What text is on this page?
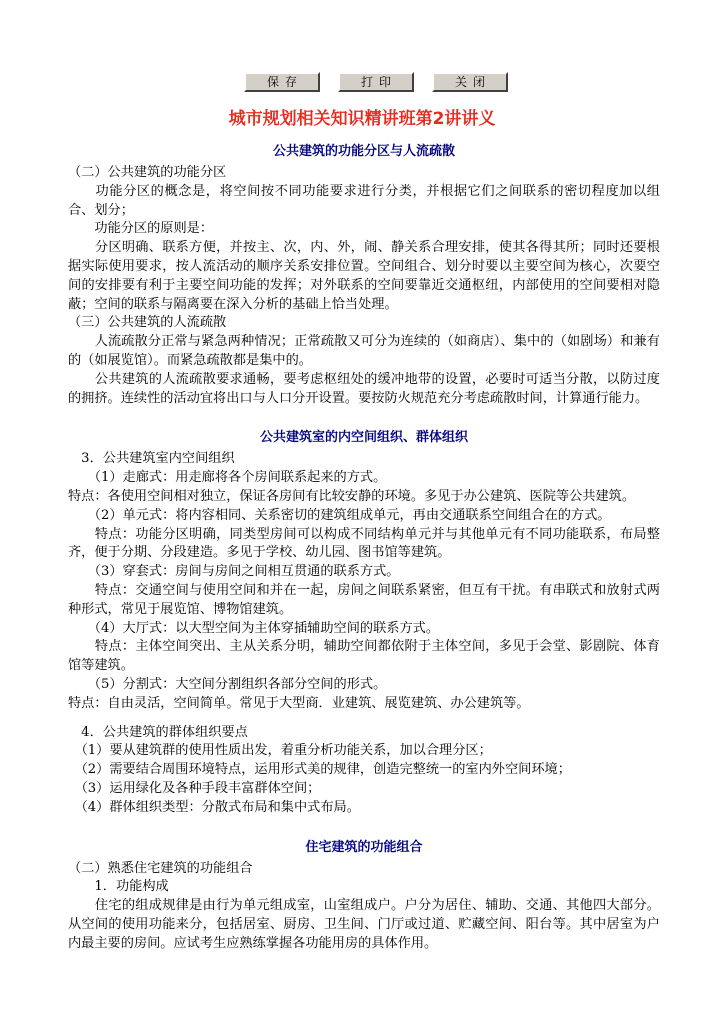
保存	打印	关闭
城市规划相关知识精讲班第2讲讲义
公共建筑的功能分区与人流疏散

（二）公共建筑的功能分区

　　功能分区的概念是，将空间按不同功能要求进行分类，并根据它们之间联系的密切程度加以组合、划分；

　　功能分区的原则是：

　　分区明确、联系方便，并按主、次，内、外，闹、静关系合理安排，使其各得其所；同时还要根据实际使用要求，按人流活动的顺序关系安排位置。空间组合、划分时要以主要空间为核心，次要空间的安排要有利于主要空间功能的发挥；对外联系的空间要靠近交通枢纽，内部使用的空间要相对隐蔽；空间的联系与隔离要在深入分析的基础上恰当处理。

（三）公共建筑的人流疏散

　　人流疏散分正常与紧急两种情况；正常疏散又可分为连续的（如商店）、集中的（如剧场）和兼有的（如展览馆）。而紧急疏散都是集中的。

　　公共建筑的人流疏散要求通畅，要考虑枢纽处的缓冲地带的设置，必要时可适当分散，以防过度的拥挤。连续性的活动宜将出口与人口分开设置。要按防火规范充分考虑疏散时间，计算通行能力。

公共建筑室的内空间组织、群体组织

　3．公共建筑室内空间组织

　　（1）走廊式：用走廊将各个房间联系起来的方式。

特点：各使用空间相对独立，保证各房间有比较安静的环境。多见于办公建筑、医院等公共建筑。

　　（2）单元式：将内容相同、关系密切的建筑组成单元，再由交通联系空间组合在的方式。

　　特点：功能分区明确，同类型房间可以构成不同结构单元并与其他单元有不同功能联系，布局整齐，便于分期、分段建造。多见于学校、幼儿园、图书馆等建筑。

　　（3）穿套式：房间与房间之间相互贯通的联系方式。

　　特点：交通空间与使用空间和并在一起，房间之间联系紧密，但互有干扰。有串联式和放射式两种形式，常见于展览馆、博物馆建筑。

　　（4）大厅式：以大型空间为主体穿插辅助空间的联系方式。

　　特点：主体空间突出、主从关系分明，辅助空间都依附于主体空间，多见于会堂、影剧院、体育馆等建筑。

　　（5）分割式：大空间分割组织各部分空间的形式。

特点：自由灵活，空间简单。常见于大型商．业建筑、展览建筑、办公建筑等。

　4．公共建筑的群体组织要点

　（1）要从建筑群的使用性质出发，着重分析功能关系，加以合理分区；

　（2）需要结合周围环境特点，运用形式美的规律，创造完整统一的室内外空间环境；

　（3）运用绿化及各种手段丰富群体空间；

　（4）群体组织类型：分散式布局和集中式布局。

住宅建筑的功能组合

（二）熟悉住宅建筑的功能组合

　　1．功能构成

　　住宅的组成规律是由行为单元组成室，山室组成户。户分为居住、辅助、交通、其他四大部分。从空间的使用功能来分，包括居室、厨房、卫生间、门厅或过道、贮藏空间、阳台等。其中居室为户内最主要的房间。应试考生应熟练掌握各功能用房的具体作用。
